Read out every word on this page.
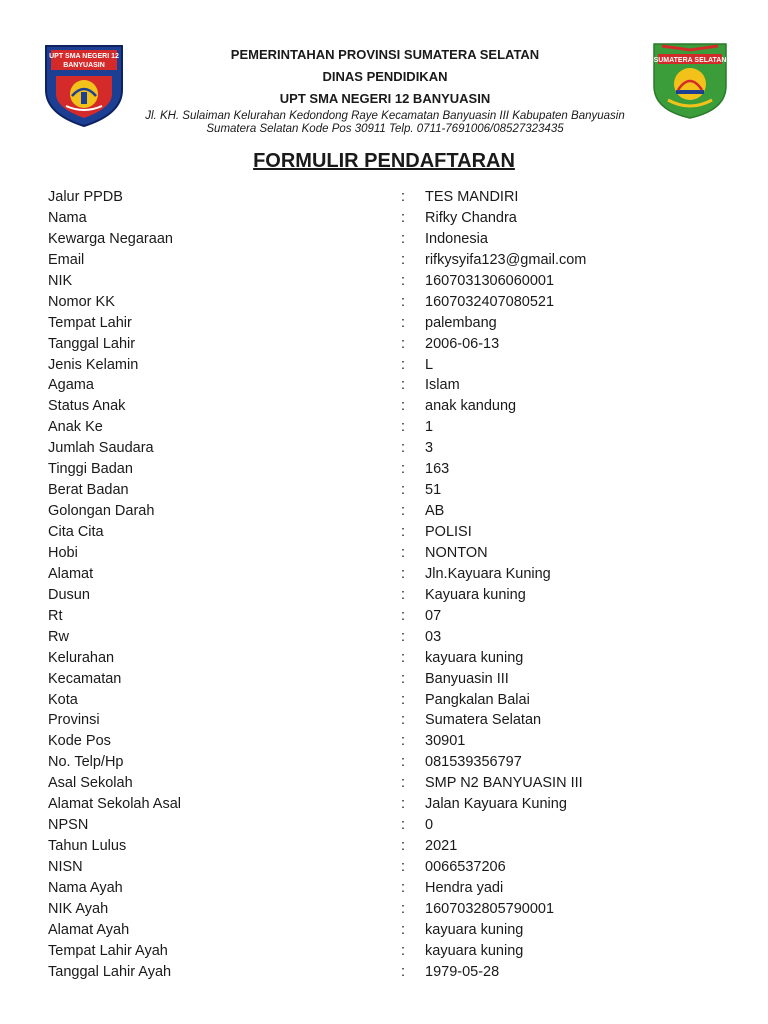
UPT SMA NEGERI 12
BANYUASIN

PEMERINTAHAN PROVINSI SUMATERA SELATAN

DINAS PENDIDIKAN

UPT SMA NEGERI 12 BANYUASIN

Jl. KH. Sulaiman Kelurahan Kedondong Raye Kecamatan Banyuasin III Kabupaten Banyuasin

Sumatera Selatan Kode Pos 30911 Telp. 0711-7691006/08527323435

SUMATERA SELATAN
FORMULIR PENDAFTARAN
Jalur PPDB	: TES MANDIRI
Nama	: Rifky Chandra
Kewarga Negaraan	: Indonesia
Email	: rifkysyifa123@gmail.com
NIK	: 1607031306060001
Nomor KK	: 1607032407080521
Tempat Lahir	: palembang
Tanggal Lahir	: 2006-06-13
Jenis Kelamin	: L
Agama	: Islam
Status Anak	: anak kandung
Anak Ke	: 1
Jumlah Saudara	: 3
Tinggi Badan	: 163
Berat Badan	: 51
Golongan Darah	: AB
Cita Cita	: POLISI
Hobi	: NONTON
Alamat	: Jln.Kayuara Kuning
Dusun	: Kayuara kuning
Rt	: 07
Rw	: 03
Kelurahan	: kayuara kuning
Kecamatan	: Banyuasin III
Kota	: Pangkalan Balai
Provinsi	: Sumatera Selatan
Kode Pos	: 30901
No. Telp/Hp	: 081539356797
Asal Sekolah	: SMP N2 BANYUASIN III
Alamat Sekolah Asal	: Jalan Kayuara Kuning
NPSN	: 0
Tahun Lulus	: 2021
NISN	: 0066537206
Nama Ayah	: Hendra yadi
NIK Ayah	: 1607032805790001
Alamat Ayah	: kayuara kuning
Tempat Lahir Ayah	: kayuara kuning
Tanggal Lahir Ayah	: 1979-05-28
